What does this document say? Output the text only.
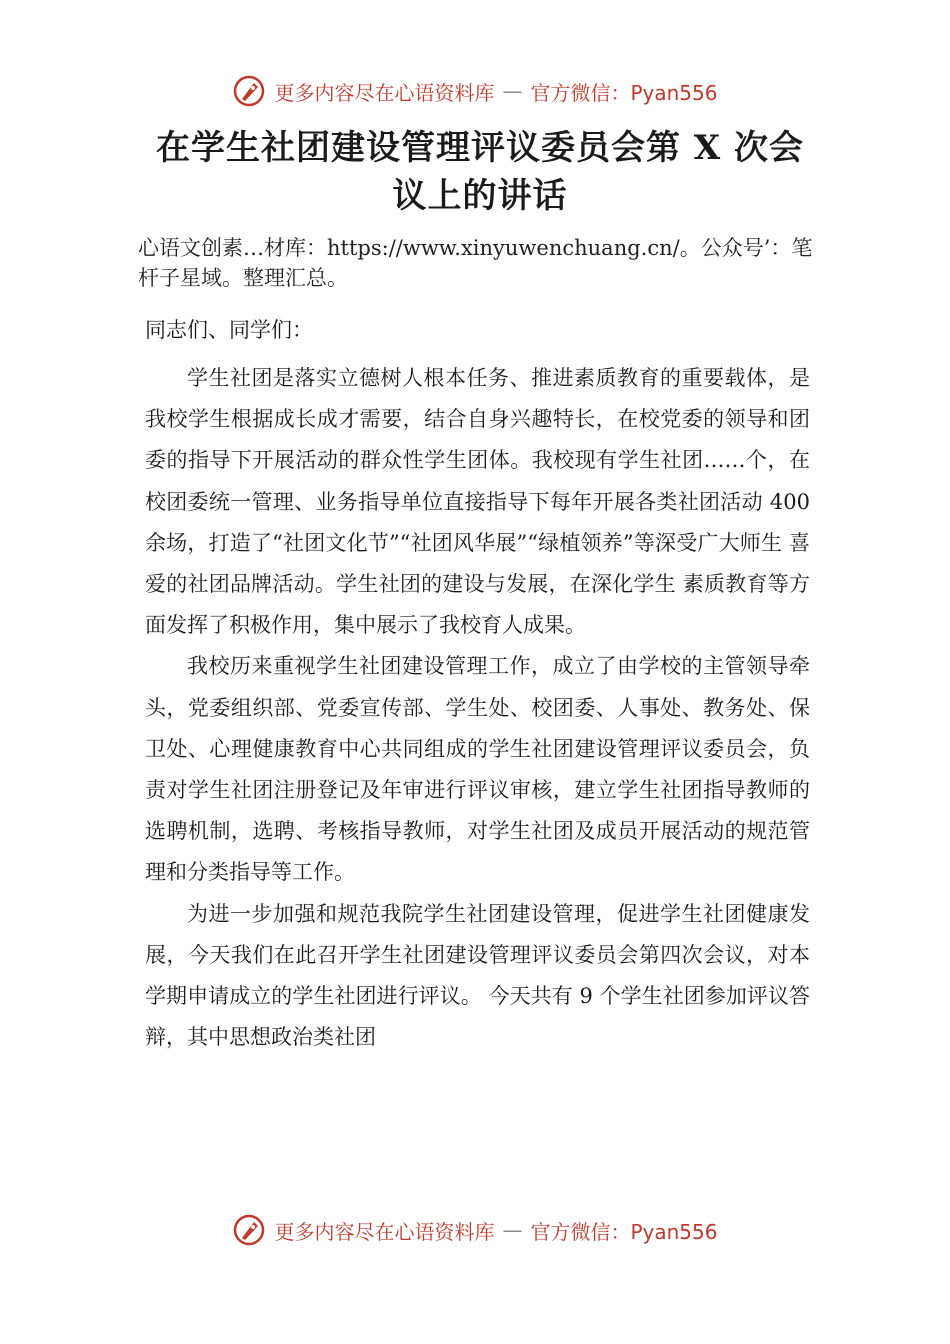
更多内容尽在心语资料库 — 官方微信：Pyan556
在学生社团建设管理评议委员会第 X 次会议上的讲话
心语文创素…材库：https://www.xinyuwenchuang.cn/。公众号’：笔杆子星域。整理汇总。
同志们、同学们：

学生社团是落实立德树人根本任务、推进素质教育的重要载体，是我校学生根据成长成才需要，结合自身兴趣特长，在校党委的领导和团委的指导下开展活动的群众性学生团体。我校现有学生社团……个，在校团委统一管理、业务指导单位直接指导下每年开展各类社团活动 400 余场，打造了“社团文化节”“社团风华展”“绿植领养”等深受广大师生 喜爱的社团品牌活动。学生社团的建设与发展，在深化学生 素质教育等方面发挥了积极作用，集中展示了我校育人成果。

我校历来重视学生社团建设管理工作，成立了由学校的主管领导牵头，党委组织部、党委宣传部、学生处、校团委、人事处、教务处、保卫处、心理健康教育中心共同组成的学生社团建设管理评议委员会，负责对学生社团注册登记及年审进行评议审核，建立学生社团指导教师的选聘机制，选聘、考核指导教师，对学生社团及成员开展活动的规范管理和分类指导等工作。

为进一步加强和规范我院学生社团建设管理，促进学生社团健康发展，今天我们在此召开学生社团建设管理评议委员会第四次会议，对本学期申请成立的学生社团进行评议。 今天共有 9 个学生社团参加评议答辩，其中思想政治类社团

更多内容尽在心语资料库 — 官方微信：Pyan556
